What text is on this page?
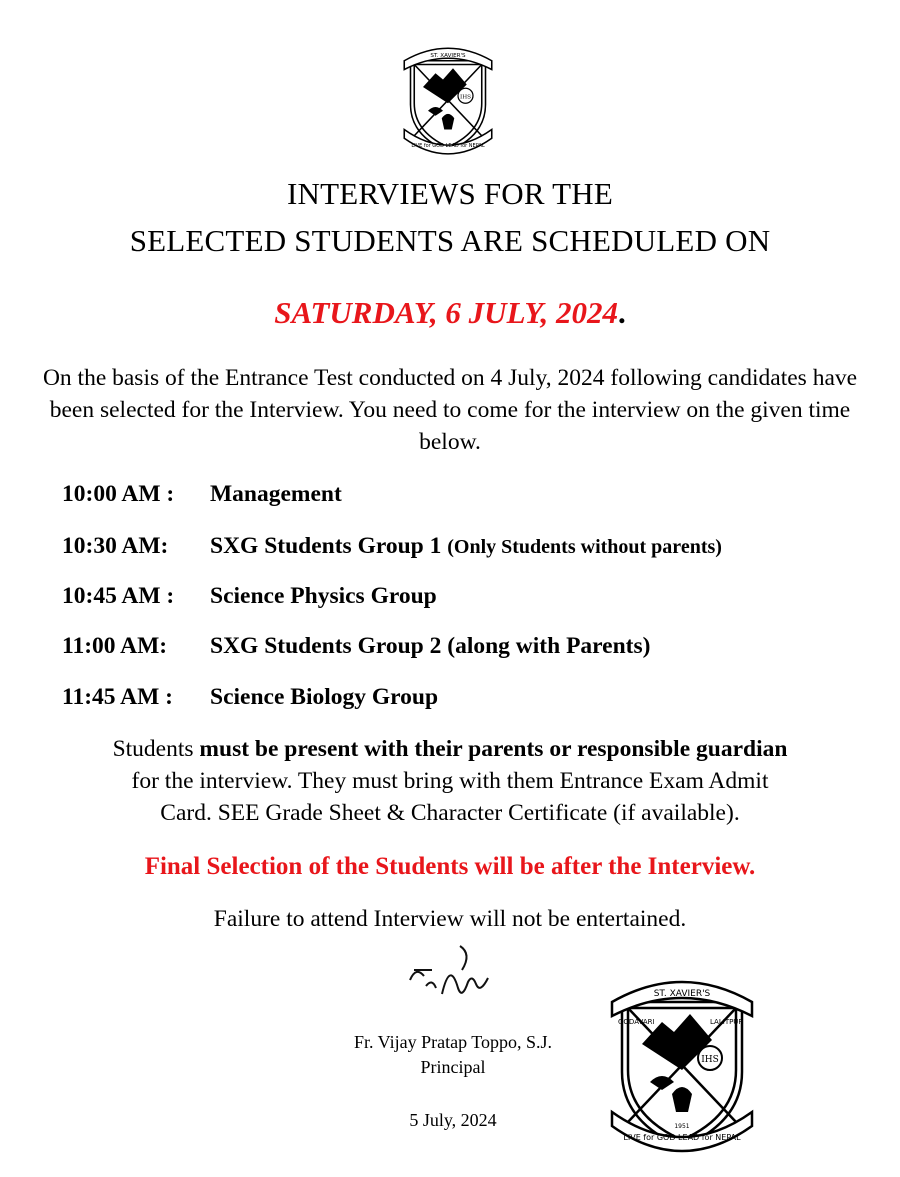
IHS
ST. XAVIER'S
LIVE for GOD LEAD for NEPAL
INTERVIEWS FOR THE
SELECTED STUDENTS ARE SCHEDULED ON
SATURDAY, 6 JULY, 2024.
On the basis of the Entrance Test conducted on 4 July, 2024 following candidates have been selected for the Interview. You need to come for the interview on the given time below.
10:00 AM : Management
10:30 AM: SXG Students Group 1 (Only Students without parents)
10:45 AM : Science Physics Group
11:00 AM: SXG Students Group 2 (along with Parents)
11:45 AM : Science Biology Group
Students must be present with their parents or responsible guardian
for the interview. They must bring with them Entrance Exam Admit
Card. SEE Grade Sheet & Character Certificate (if available).
Final Selection of the Students will be after the Interview.
Failure to attend Interview will not be entertained.
Fr. Vijay Pratap Toppo, S.J.
Principal
5 July, 2024
IHS
ST. XAVIER'S
GODAVARI	LALITPUR
1951
LIVE for GOD LEAD for NEPAL
